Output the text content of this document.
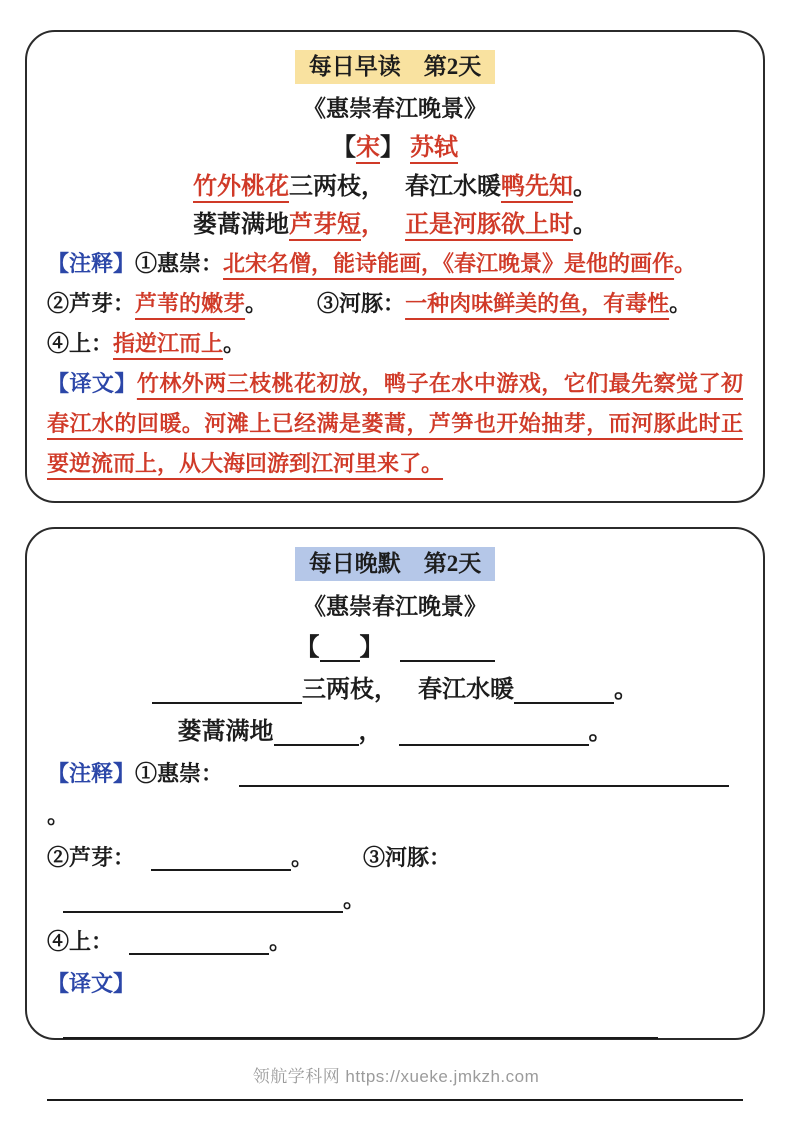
每日早读　第2天
《惠崇春江晚景》
【宋】 苏轼
竹外桃花三两枝， 春江水暖鸭先知。
蒌蒿满地芦芽短， 正是河豚欲上时。
【注释】①惠崇：北宋名僧，能诗能画，《春江晚景》是他的画作。
②芦芽：芦苇的嫩芽。 ③河豚：一种肉味鲜美的鱼，有毒性。
④上：指逆江而上。
【译文】竹林外两三枝桃花初放，鸭子在水中游戏，它们最先察觉了初春江水的回暖。河滩上已经满是蒌蒿，芦笋也开始抽芽，而河豚此时正要逆流而上，从大海回游到江河里来了。
每日晚默　第2天
《惠崇春江晚景》
【 】
三两枝， 春江水暖	。
蒌蒿满地	，	。
【注释】①惠崇：。
②芦芽：	。 ③河豚：。
④上：	。
【译文】
领航学科网 https://xueke.jmkzh.com
